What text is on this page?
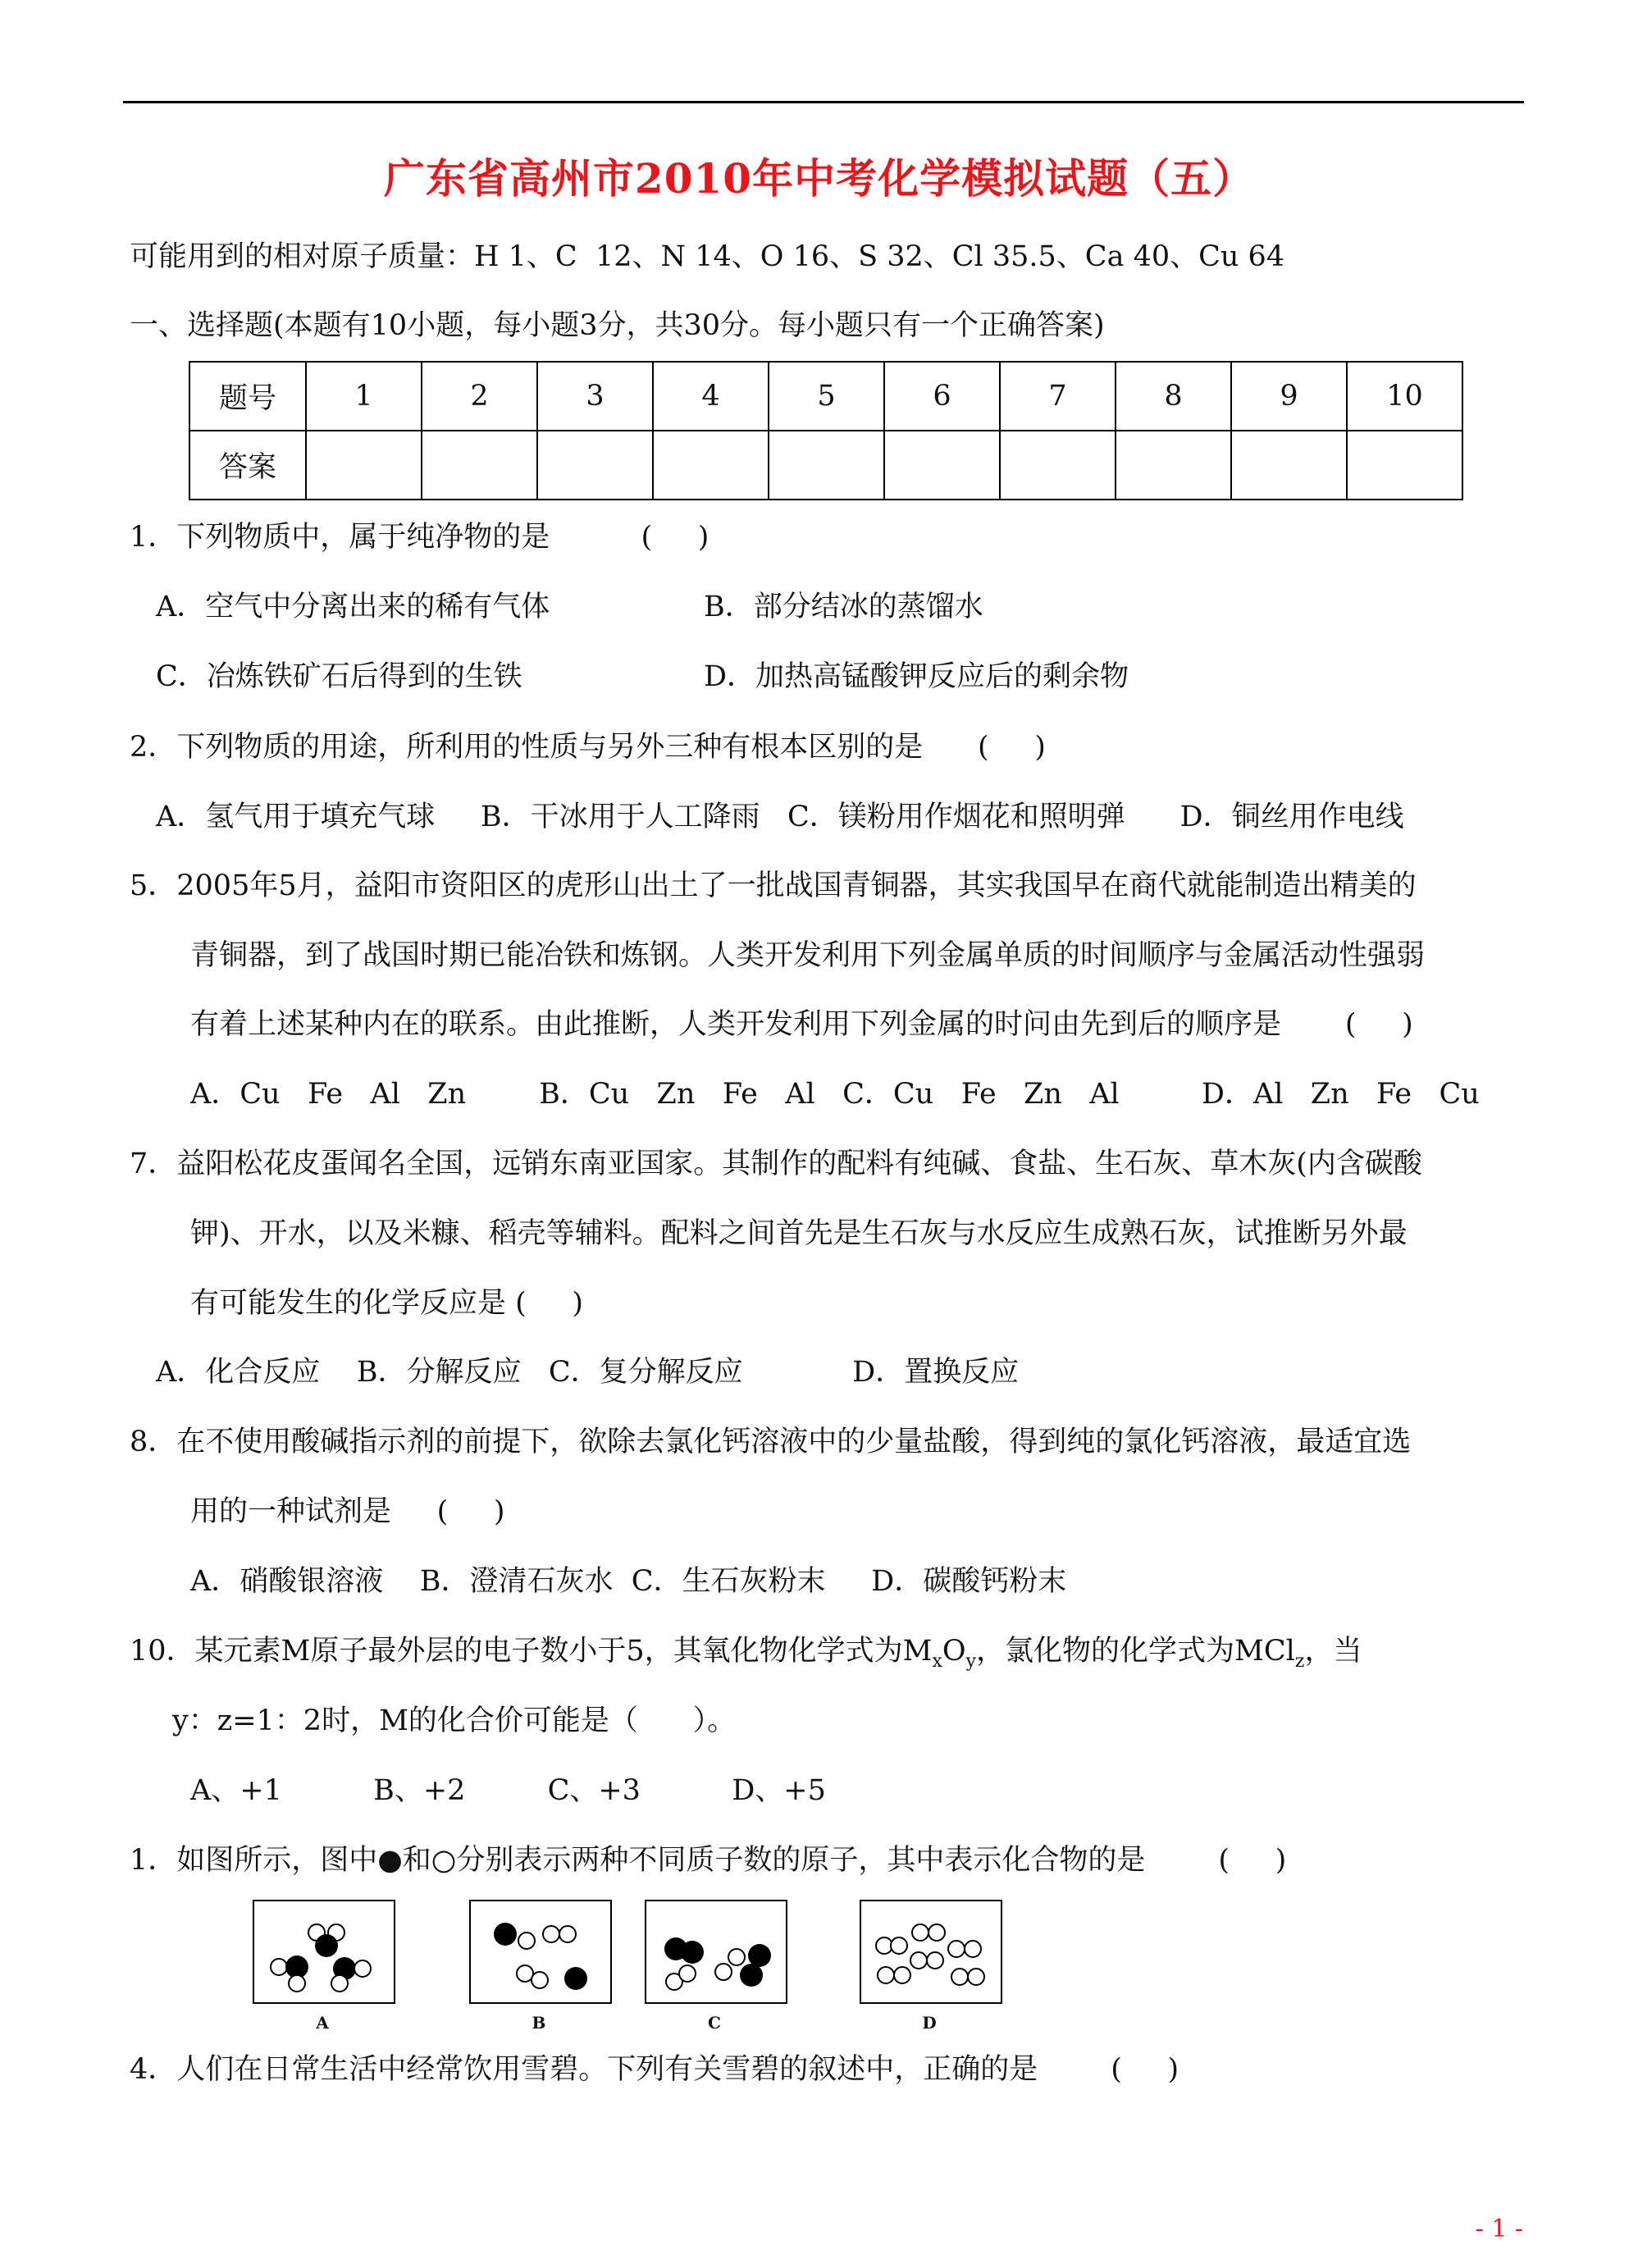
广东省高州市2010年中考化学模拟试题（五）
可能用到的相对原子质量：H 1、C  12、N 14、O 16、S 32、Cl 35.5、Ca 40、Cu 64
一、选择题(本题有10小题，每小题3分，共30分。每小题只有一个正确答案)
题号	1	2	3	4	5	6	7	8	9	10
答案										
1．下列物质中，属于纯净物的是          (     )
A．空气中分离出来的稀有气体	B．部分结冰的蒸馏水
C．冶炼铁矿石后得到的生铁	D．加热高锰酸钾反应后的剩余物
2．下列物质的用途，所利用的性质与另外三种有根本区别的是      (     )
A．氢气用于填充气球     B．干冰用于人工降雨   C．镁粉用作烟花和照明弹      D．铜丝用作电线
5．2005年5月，益阳市资阳区的虎形山出土了一批战国青铜器，其实我国早在商代就能制造出精美的
青铜器，到了战国时期已能冶铁和炼钢。人类开发利用下列金属单质的时间顺序与金属活动性强弱
有着上述某种内在的联系。由此推断，人类开发利用下列金属的时问由先到后的顺序是       (     )
A．Cu   Fe   Al   Zn        B．Cu   Zn   Fe   Al   C．Cu   Fe   Zn   Al         D．Al   Zn   Fe   Cu
7．益阳松花皮蛋闻名全国，远销东南亚国家。其制作的配料有纯碱、食盐、生石灰、草木灰(内含碳酸
钾)、开水，以及米糠、稻壳等辅料。配料之间首先是生石灰与水反应生成熟石灰，试推断另外最
有可能发生的化学反应是 (     )
A．化合反应    B．分解反应   C．复分解反应            D．置换反应
8．在不使用酸碱指示剂的前提下，欲除去氯化钙溶液中的少量盐酸，得到纯的氯化钙溶液，最适宜选
用的一种试剂是     (     )
A．硝酸银溶液    B．澄清石灰水  C．生石灰粉末     D．碳酸钙粉末
10．某元素M原子最外层的电子数小于5，其氧化物化学式为$M_xO_y$，氯化物的化学式为MCl$_z$，当
y：z=1：2时，M的化合价可能是（      ）。
A、+1          B、+2         C、+3          D、+5
1．如图所示，图中●和○分别表示两种不同质子数的原子，其中表示化合物的是        (     )
A	B	C	D
4．人们在日常生活中经常饮用雪碧。下列有关雪碧的叙述中，正确的是        (     )
- 1 -
